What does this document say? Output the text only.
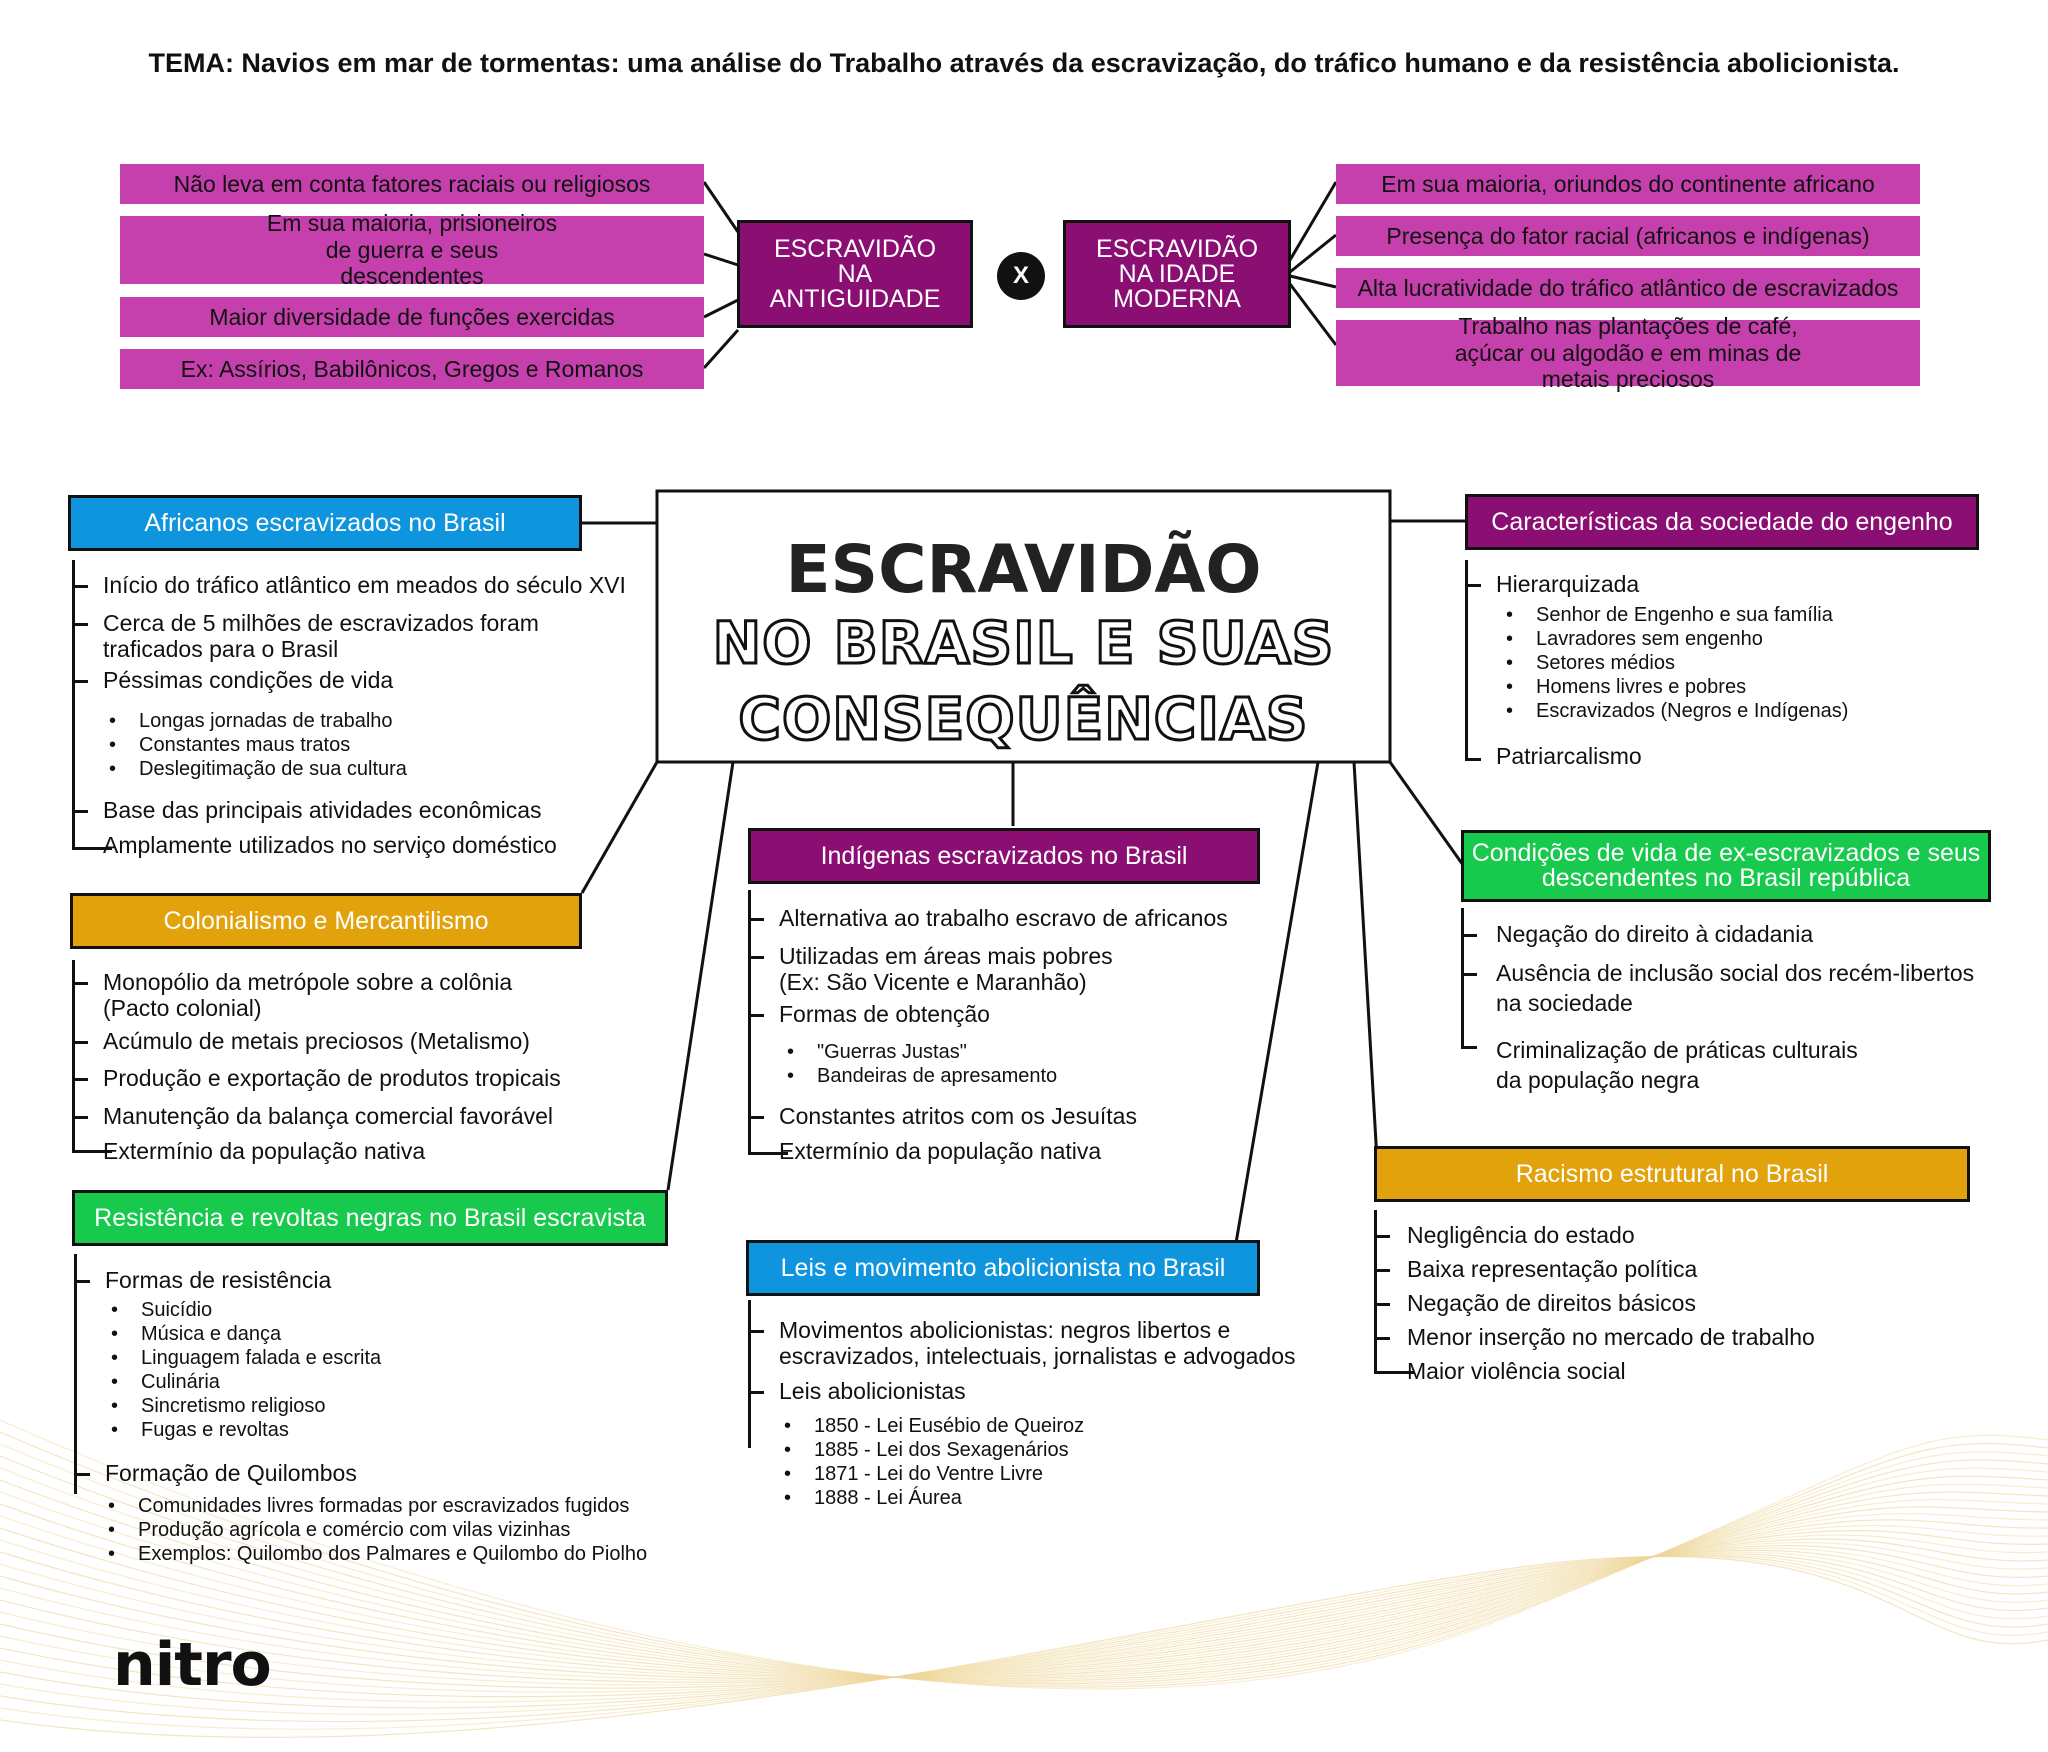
TEMA: Navios em mar de tormentas: uma análise do Trabalho através da escravização, do tráfico humano e da resistência abolicionista.
Não leva em conta fatores raciais ou religiosos
Em sua maioria, prisioneiros de guerra e seus descendentes
Maior diversidade de funções exercidas
Ex: Assírios, Babilônicos, Gregos e Romanos
ESCRAVIDÃO NA ANTIGUIDADE
X
ESCRAVIDÃO NA IDADE MODERNA
Em sua maioria, oriundos do continente africano
Presença do fator racial (africanos e indígenas)
Alta lucratividade do tráfico atlântico de escravizados
Trabalho nas plantações de café, açúcar ou algodão e em minas de metais preciosos
ESCRAVIDÃO
NO BRASIL E SUAS
CONSEQUÊNCIAS
Africanos escravizados no Brasil
Início do tráfico atlântico em meados do século XVI
Cerca de 5 milhões de escravizados foram
traficados para o Brasil
Péssimas condições de vida
• Longas jornadas de trabalho
• Constantes maus tratos
• Deslegitimação de sua cultura
Base das principais atividades econômicas
Amplamente utilizados no serviço doméstico
Colonialismo e Mercantilismo
Monopólio da metrópole sobre a colônia
(Pacto colonial)
Acúmulo de metais preciosos (Metalismo)
Produção e exportação de produtos tropicais
Manutenção da balança comercial favorável
Extermínio da população nativa
Resistência e revoltas negras no Brasil escravista
Formas de resistência
• Suicídio
• Música e dança
• Linguagem falada e escrita
• Culinária
• Sincretismo religioso
• Fugas e revoltas
Formação de Quilombos
• Comunidades livres formadas por escravizados fugidos
• Produção agrícola e comércio com vilas vizinhas
• Exemplos: Quilombo dos Palmares e Quilombo do Piolho
Indígenas escravizados no Brasil
Alternativa ao trabalho escravo de africanos
Utilizadas em áreas mais pobres
(Ex: São Vicente e Maranhão)
Formas de obtenção
• "Guerras Justas"
• Bandeiras de apresamento
Constantes atritos com os Jesuítas
Extermínio da população nativa
Leis e movimento abolicionista no Brasil
Movimentos abolicionistas: negros libertos e
escravizados, intelectuais, jornalistas e advogados
Leis abolicionistas
• 1850 - Lei Eusébio de Queiroz
• 1885 - Lei dos Sexagenários
• 1871 - Lei do Ventre Livre
• 1888 - Lei Áurea
Características da sociedade do engenho
Hierarquizada
• Senhor de Engenho e sua família
• Lavradores sem engenho
• Setores médios
• Homens livres e pobres
• Escravizados (Negros e Indígenas)
Patriarcalismo
Condições de vida de ex-escravizados e seus
descendentes no Brasil república
Negação do direito à cidadania
Ausência de inclusão social dos recém-libertos
na sociedade
Criminalização de práticas culturais
da população negra
Racismo estrutural no Brasil
Negligência do estado
Baixa representação política
Negação de direitos básicos
Menor inserção no mercado de trabalho
Maior violência social
nitro
